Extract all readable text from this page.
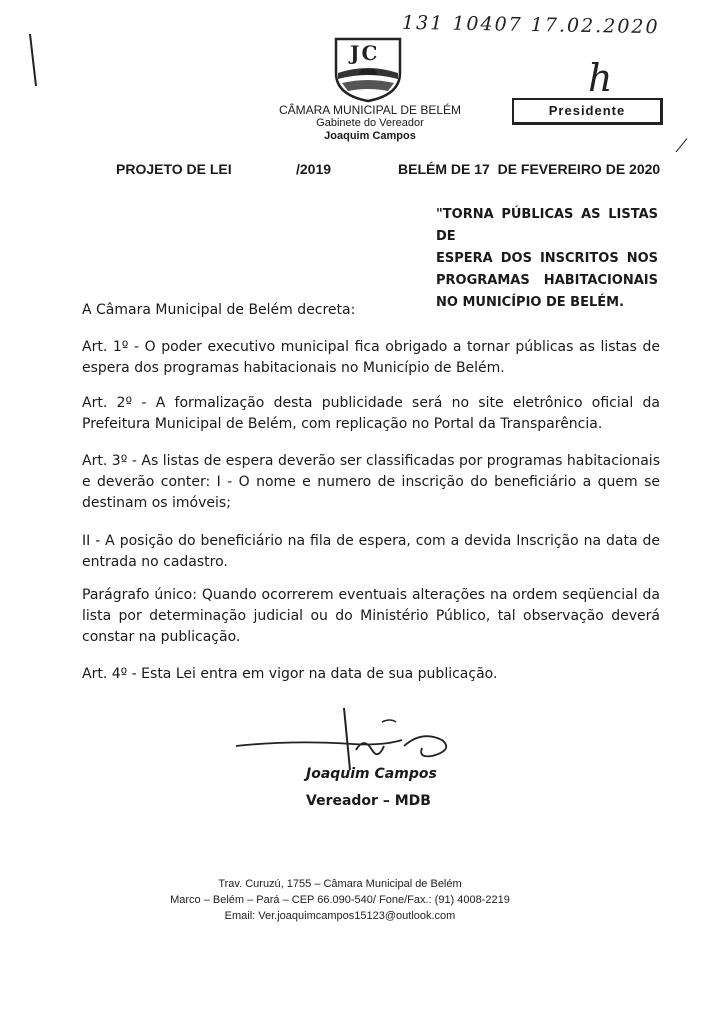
131 10407 17.02.2020
JC
CÂMARA MUNICIPAL DE BELÉM
Gabinete do Vereador
Joaquim Campos
h
Presidente
⁄
PROJETO DE LEI	/2019	BELÉM DE 17  DE FEVEREIRO DE 2020
"TORNA PÚBLICAS AS LISTAS DE
ESPERA DOS INSCRITOS NOS
PROGRAMAS HABITACIONAIS
NO MUNICÍPIO DE BELÉM.

A Câmara Municipal de Belém decreta:

Art. 1º - O poder executivo municipal fica obrigado a tornar públicas as listas de espera dos programas habitacionais no Município de Belém.

Art. 2º - A formalização desta publicidade será no site eletrônico oficial da Prefeitura Municipal de Belém, com replicação no Portal da Transparência.

Art. 3º - As listas de espera deverão ser classificadas por programas habitacionais e deverão conter: I - O nome e numero de inscrição do beneficiário a quem se destinam os imóveis;

II - A posição do beneficiário na fila de espera, com a devida Inscrição na data de entrada no cadastro.

Parágrafo único: Quando ocorrerem eventuais alterações na ordem seqüencial da lista por determinação judicial ou do Ministério Público, tal observação deverá constar na publicação.

Art. 4º - Esta Lei entra em vigor na data de sua publicação.

Joaquim Campos
Vereador – MDB
Trav. Curuzú, 1755 – Câmara Municipal de Belém
Marco – Belém – Pará – CEP 66.090-540/ Fone/Fax.: (91) 4008-2219
Email: Ver.joaquimcampos15123@outlook.com
